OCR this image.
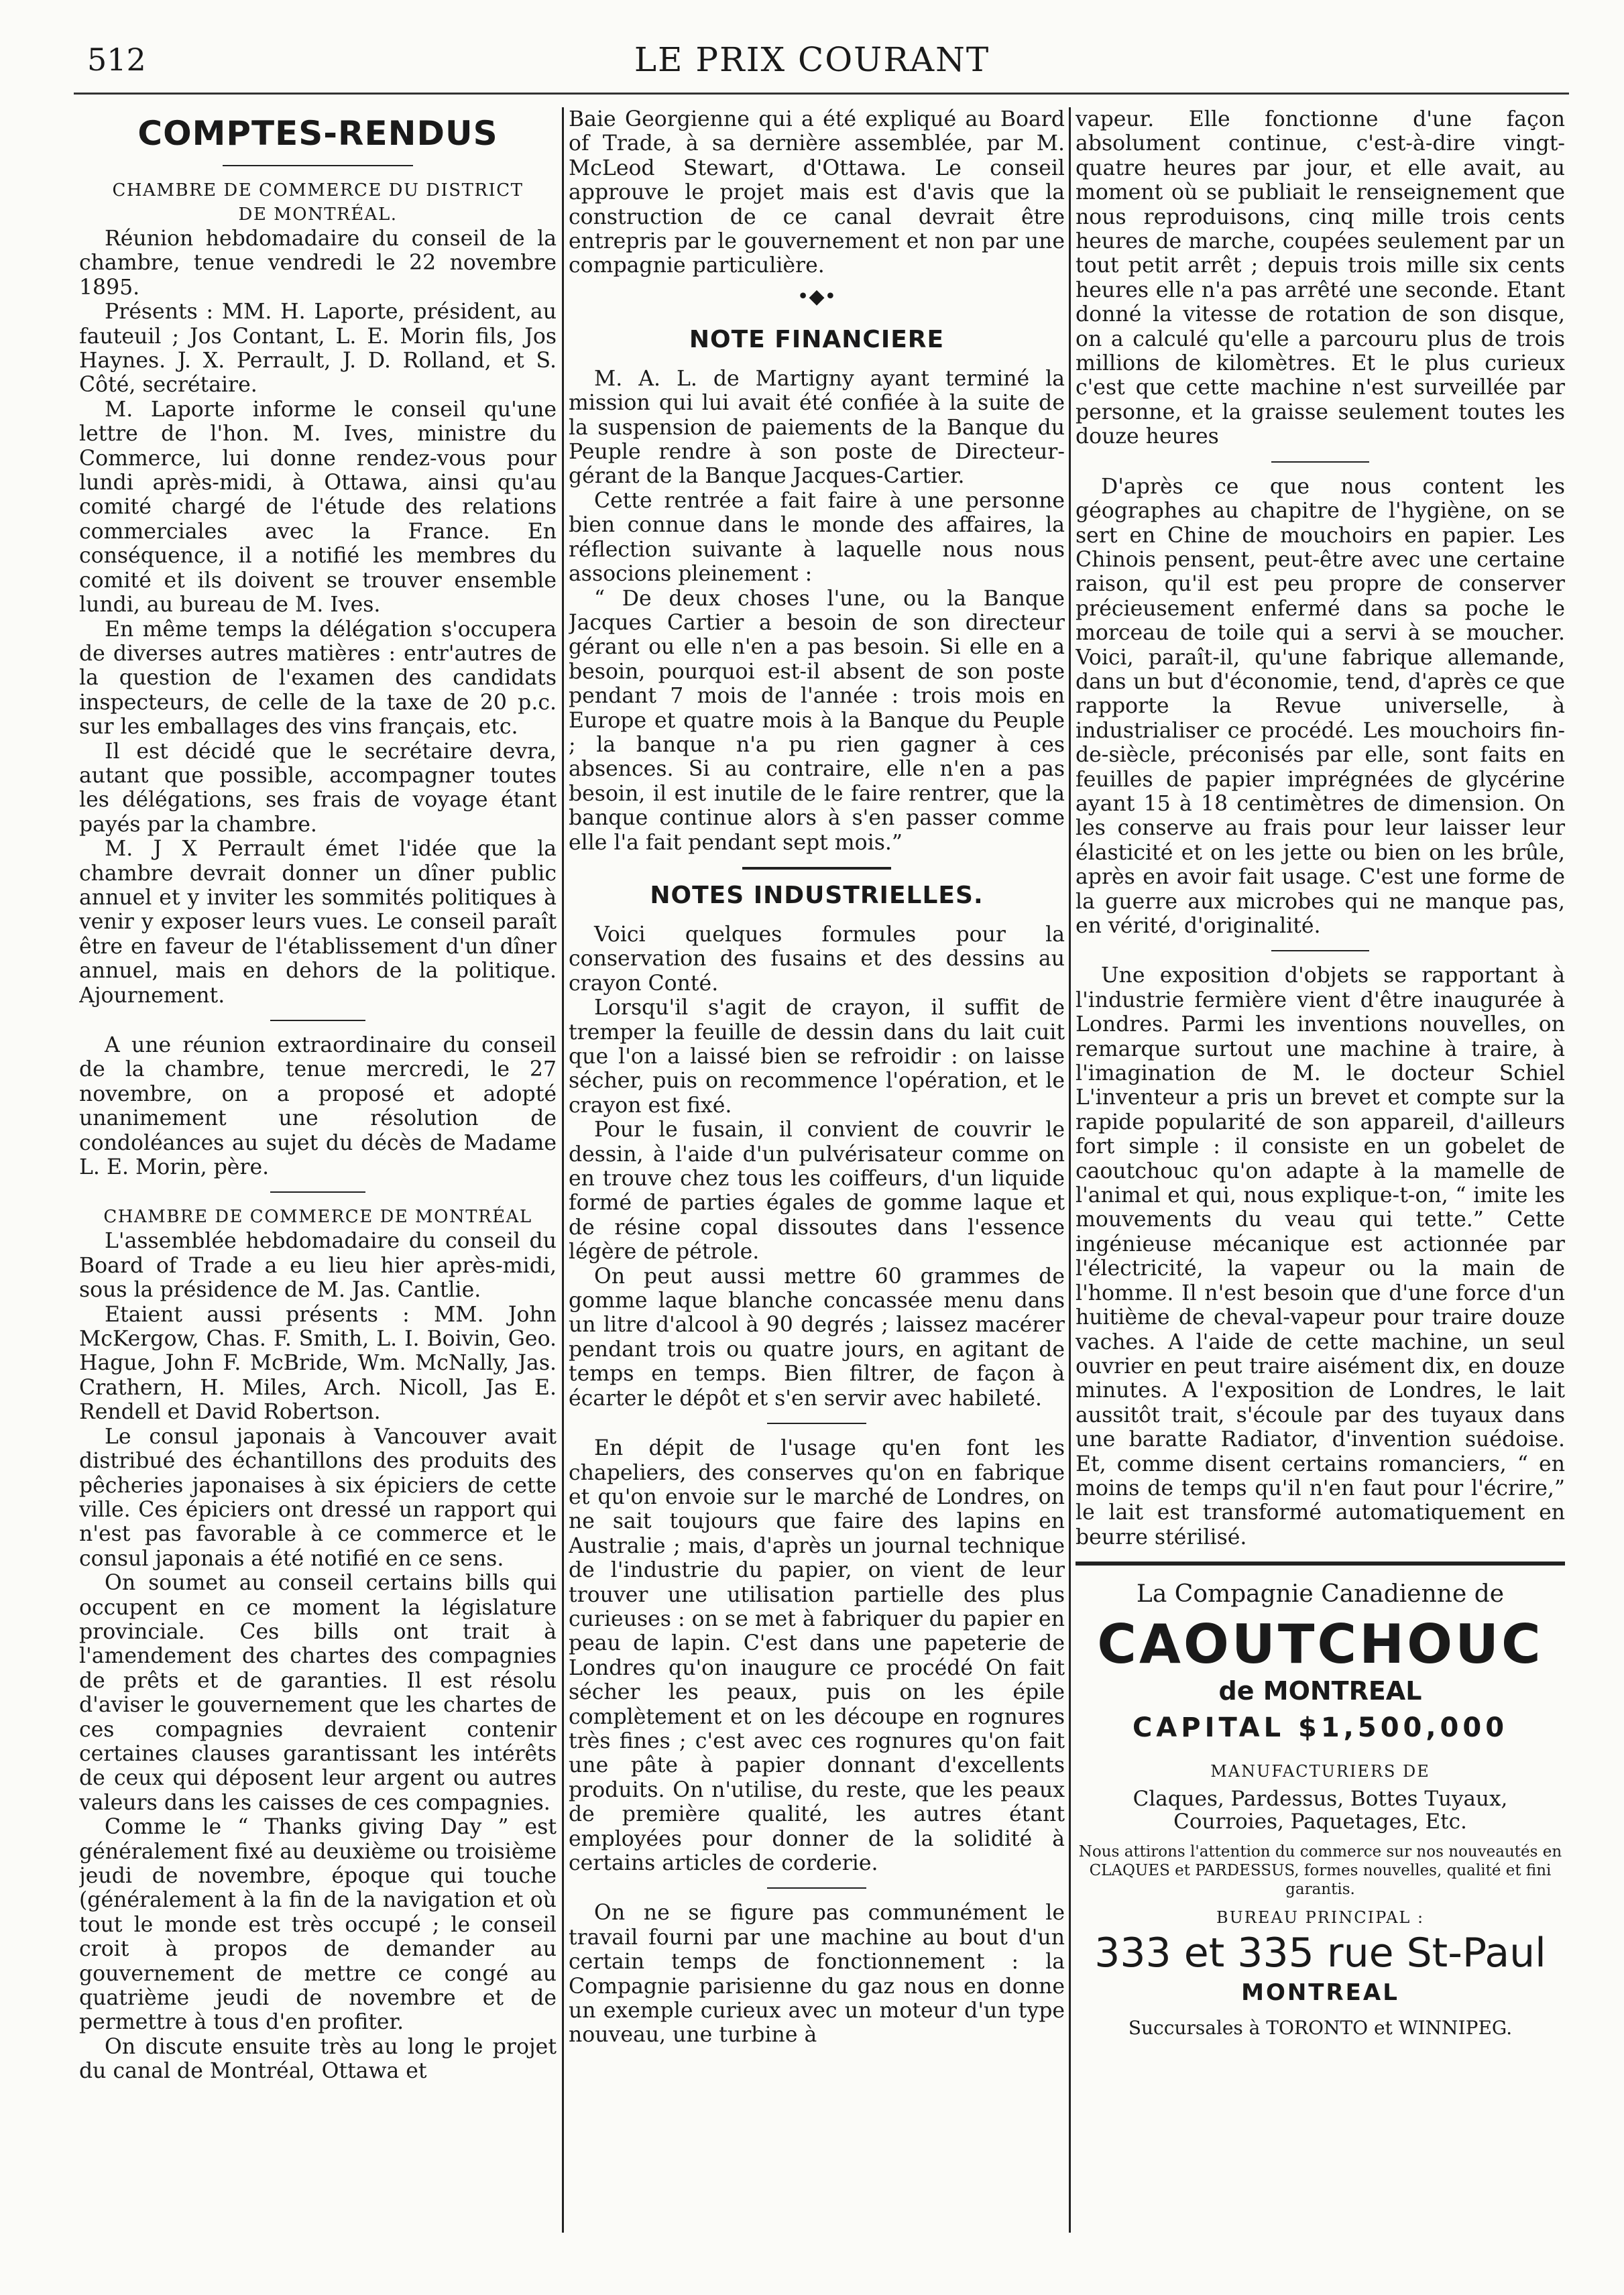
512	LE PRIX COURANT
COMPTES-RENDUS

CHAMBRE DE COMMERCE DU DISTRICT

DE MONTRÉAL.

Réunion hebdomadaire du conseil de la chambre, tenue vendredi le 22 novembre 1895.

Présents : MM. H. Laporte, président, au fauteuil ; Jos Contant, L. E. Morin fils, Jos Haynes. J. X. Perrault, J. D. Rolland, et S. Côté, secrétaire.

M. Laporte informe le conseil qu'une lettre de l'hon. M. Ives, ministre du Commerce, lui donne rendez-vous pour lundi après-midi, à Ottawa, ainsi qu'au comité chargé de l'étude des relations commerciales avec la France. En conséquence, il a notifié les membres du comité et ils doivent se trouver ensemble lundi, au bureau de M. Ives.

En même temps la délégation s'occupera de diverses autres matières : entr'autres de la question de l'examen des candidats inspecteurs, de celle de la taxe de 20 p.c. sur les emballages des vins français, etc.

Il est décidé que le secrétaire devra, autant que possible, accompagner toutes les délégations, ses frais de voyage étant payés par la chambre.

M. J X Perrault émet l'idée que la chambre devrait donner un dîner public annuel et y inviter les sommités politiques à venir y exposer leurs vues. Le conseil paraît être en faveur de l'établissement d'un dîner annuel, mais en dehors de la politique. Ajournement.

A une réunion extraordinaire du conseil de la chambre, tenue mercredi, le 27 novembre, on a proposé et adopté unanimement une résolution de condoléances au sujet du décès de Madame L. E. Morin, père.

CHAMBRE DE COMMERCE DE MONTRÉAL

L'assemblée hebdomadaire du conseil du Board of Trade a eu lieu hier après-midi, sous la présidence de M. Jas. Cantlie.

Etaient aussi présents : MM. John McKergow, Chas. F. Smith, L. I. Boivin, Geo. Hague, John F. McBride, Wm. McNally, Jas. Crathern, H. Miles, Arch. Nicoll, Jas E. Rendell et David Robertson.

Le consul japonais à Vancouver avait distribué des échantillons des produits des pêcheries japonaises à six épiciers de cette ville. Ces épiciers ont dressé un rapport qui n'est pas favorable à ce commerce et le consul japonais a été notifié en ce sens.

On soumet au conseil certains bills qui occupent en ce moment la législature provinciale. Ces bills ont trait à l'amendement des chartes des compagnies de prêts et de garanties. Il est résolu d'aviser le gouvernement que les chartes de ces compagnies devraient contenir certaines clauses garantissant les intérêts de ceux qui déposent leur argent ou autres valeurs dans les caisses de ces compagnies.

Comme le “ Thanks giving Day ” est généralement fixé au deuxième ou troisième jeudi de novembre, époque qui touche (généralement à la fin de la navigation et où tout le monde est très occupé ; le conseil croit à propos de demander au gouvernement de mettre ce congé au quatrième jeudi de novembre et de permettre à tous d'en profiter.

On discute ensuite très au long le projet du canal de Montréal, Ottawa et

Baie Georgienne qui a été expliqué au Board of Trade, à sa dernière assemblée, par M. McLeod Stewart, d'Ottawa. Le conseil approuve le projet mais est d'avis que la construction de ce canal devrait être entrepris par le gouvernement et non par une compagnie particulière.

•◆•
NOTE FINANCIERE

M. A. L. de Martigny ayant terminé la mission qui lui avait été confiée à la suite de la suspension de paiements de la Banque du Peuple rendre à son poste de Directeur-gérant de la Banque Jacques-Cartier.

Cette rentrée a fait faire à une personne bien connue dans le monde des affaires, la réflection suivante à laquelle nous nous associons pleinement :

“ De deux choses l'une, ou la Banque Jacques Cartier a besoin de son directeur gérant ou elle n'en a pas besoin. Si elle en a besoin, pourquoi est-il absent de son poste pendant 7 mois de l'année : trois mois en Europe et quatre mois à la Banque du Peuple ; la banque n'a pu rien gagner à ces absences. Si au contraire, elle n'en a pas besoin, il est inutile de le faire rentrer, que la banque continue alors à s'en passer comme elle l'a fait pendant sept mois.”

NOTES INDUSTRIELLES.

Voici quelques formules pour la conservation des fusains et des dessins au crayon Conté.

Lorsqu'il s'agit de crayon, il suffit de tremper la feuille de dessin dans du lait cuit que l'on a laissé bien se refroidir : on laisse sécher, puis on recommence l'opération, et le crayon est fixé.

Pour le fusain, il convient de couvrir le dessin, à l'aide d'un pulvérisateur comme on en trouve chez tous les coiffeurs, d'un liquide formé de parties égales de gomme laque et de résine copal dissoutes dans l'essence légère de pétrole.

On peut aussi mettre 60 grammes de gomme laque blanche concassée menu dans un litre d'alcool à 90 degrés ; laissez macérer pendant trois ou quatre jours, en agitant de temps en temps. Bien filtrer, de façon à écarter le dépôt et s'en servir avec habileté.

En dépit de l'usage qu'en font les chapeliers, des conserves qu'on en fabrique et qu'on envoie sur le marché de Londres, on ne sait toujours que faire des lapins en Australie ; mais, d'après un journal technique de l'industrie du papier, on vient de leur trouver une utilisation partielle des plus curieuses : on se met à fabriquer du papier en peau de lapin. C'est dans une papeterie de Londres qu'on inaugure ce procédé On fait sécher les peaux, puis on les épile complètement et on les découpe en rognures très fines ; c'est avec ces rognures qu'on fait une pâte à papier donnant d'excellents produits. On n'utilise, du reste, que les peaux de première qualité, les autres étant employées pour donner de la solidité à certains articles de corderie.

On ne se figure pas communément le travail fourni par une machine au bout d'un certain temps de fonctionnement : la Compagnie parisienne du gaz nous en donne un exemple curieux avec un moteur d'un type nouveau, une turbine à

vapeur. Elle fonctionne d'une façon absolument continue, c'est-à-dire vingt-quatre heures par jour, et elle avait, au moment où se publiait le renseignement que nous reproduisons, cinq mille trois cents heures de marche, coupées seulement par un tout petit arrêt ; depuis trois mille six cents heures elle n'a pas arrêté une seconde. Etant donné la vitesse de rotation de son disque, on a calculé qu'elle a parcouru plus de trois millions de kilomètres. Et le plus curieux c'est que cette machine n'est surveillée par personne, et la graisse seulement toutes les douze heures

D'après ce que nous content les géographes au chapitre de l'hygiène, on se sert en Chine de mouchoirs en papier. Les Chinois pensent, peut-être avec une certaine raison, qu'il est peu propre de conserver précieusement enfermé dans sa poche le morceau de toile qui a servi à se moucher. Voici, paraît-il, qu'une fabrique allemande, dans un but d'économie, tend, d'après ce que rapporte la Revue universelle, à industrialiser ce procédé. Les mouchoirs fin-de-siècle, préconisés par elle, sont faits en feuilles de papier imprégnées de glycérine ayant 15 à 18 centimètres de dimension. On les conserve au frais pour leur laisser leur élasticité et on les jette ou bien on les brûle, après en avoir fait usage. C'est une forme de la guerre aux microbes qui ne manque pas, en vérité, d'originalité.

Une exposition d'objets se rapportant à l'industrie fermière vient d'être inaugurée à Londres. Parmi les inventions nouvelles, on remarque surtout une machine à traire, à l'imagination de M. le docteur Schiel L'inventeur a pris un brevet et compte sur la rapide popularité de son appareil, d'ailleurs fort simple : il consiste en un gobelet de caoutchouc qu'on adapte à la mamelle de l'animal et qui, nous explique-t-on, “ imite les mouvements du veau qui tette.” Cette ingénieuse mécanique est actionnée par l'électricité, la vapeur ou la main de l'homme. Il n'est besoin que d'une force d'un huitième de cheval-vapeur pour traire douze vaches. A l'aide de cette machine, un seul ouvrier en peut traire aisément dix, en douze minutes. A l'exposition de Londres, le lait aussitôt trait, s'écoule par des tuyaux dans une baratte Radiator, d'invention suédoise. Et, comme disent certains romanciers, “ en moins de temps qu'il n'en faut pour l'écrire,” le lait est transformé automatiquement en beurre stérilisé.

La Compagnie Canadienne de
CAOUTCHOUC
de MONTREAL
CAPITAL $1,500,000
MANUFACTURIERS DE
Claques, Pardessus, Bottes Tuyaux, Courroies, Paquetages, Etc.
Nous attirons l'attention du commerce sur nos nouveautés en CLAQUES et PARDESSUS, formes nouvelles, qualité et fini garantis.
BUREAU PRINCIPAL :
333 et 335 rue St-Paul
MONTREAL
Succursales à TORONTO et WINNIPEG.
